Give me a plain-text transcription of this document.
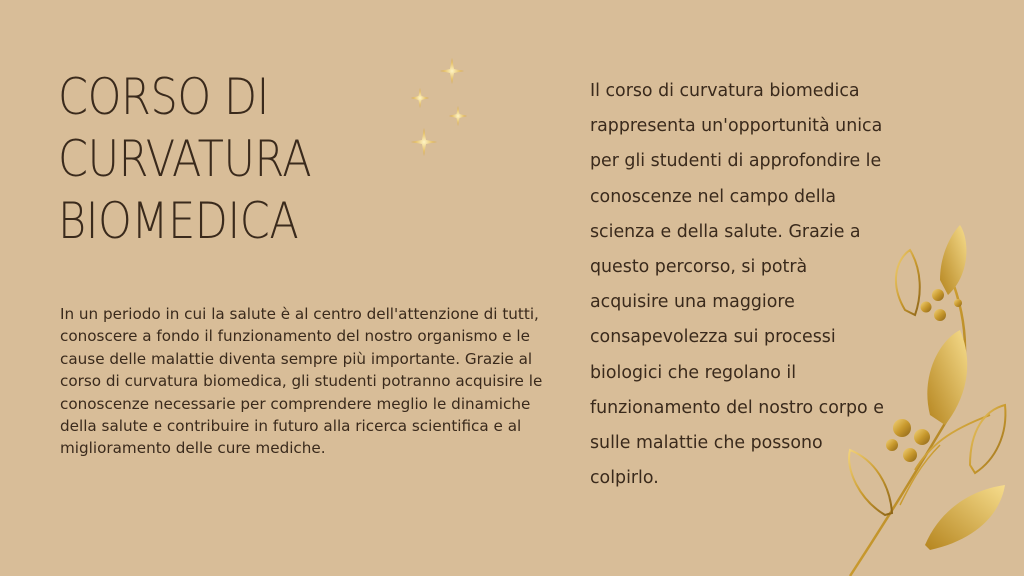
CORSO DI
CURVATURA
BIOMEDICA

In un periodo in cui la salute è al centro dell'attenzione di tutti, conoscere a fondo il funzionamento del nostro organismo e le cause delle malattie diventa sempre più importante. Grazie al corso di curvatura biomedica, gli studenti potranno acquisire le conoscenze necessarie per comprendere meglio le dinamiche della salute e contribuire in futuro alla ricerca scientifica e al miglioramento delle cure mediche.

Il corso di curvatura biomedica rappresenta un'opportunità unica per gli studenti di approfondire le conoscenze nel campo della scienza e della salute. Grazie a questo percorso, si potrà acquisire una maggiore consapevolezza sui processi biologici che regolano il funzionamento del nostro corpo e sulle malattie che possono colpirlo.
